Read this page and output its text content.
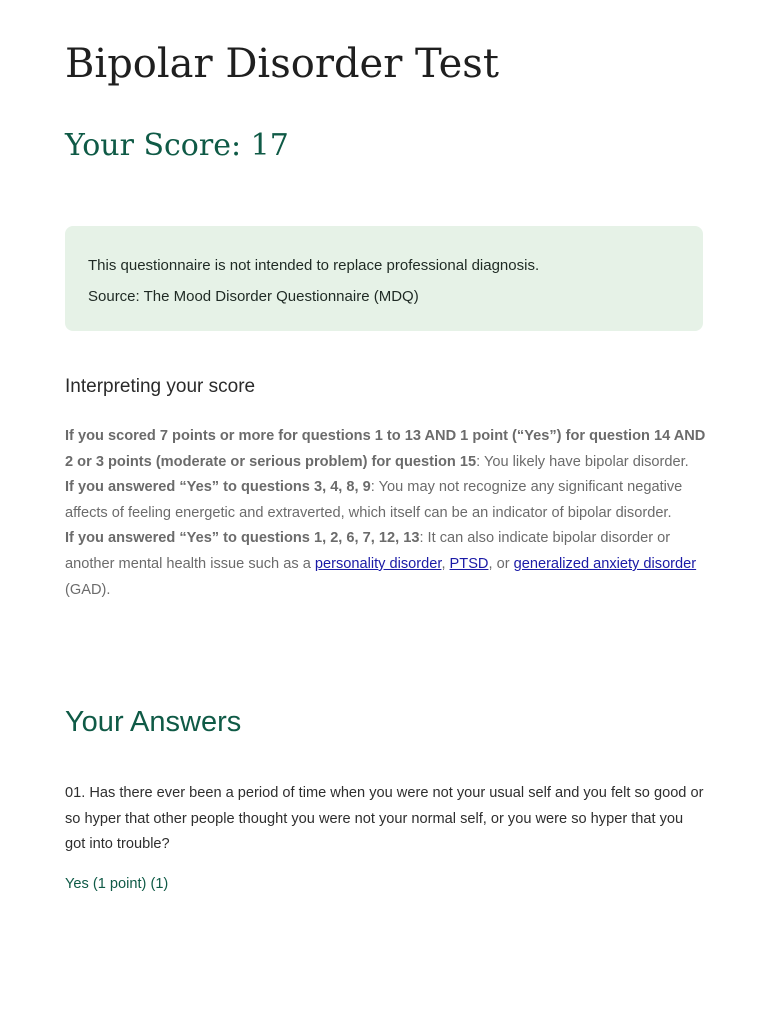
Bipolar Disorder Test
Your Score: 17

This questionnaire is not intended to replace professional diagnosis.

Source: The Mood Disorder Questionnaire (MDQ)

Interpreting your score

If you scored 7 points or more for questions 1 to 13 AND 1 point (“Yes”) for question 14 AND 2 or 3 points (moderate or serious problem) for question 15: You likely have bipolar disorder.
If you answered “Yes” to questions 3, 4, 8, 9: You may not recognize any significant negative affects of feeling energetic and extraverted, which itself can be an indicator of bipolar disorder.
If you answered “Yes” to questions 1, 2, 6, 7, 12, 13: It can also indicate bipolar disorder or another mental health issue such as a personality disorder, PTSD, or generalized anxiety disorder (GAD).

Your Answers

01. Has there ever been a period of time when you were not your usual self and you felt so good or so hyper that other people thought you were not your normal self, or you were so hyper that you got into trouble?

Yes (1 point) (1)
